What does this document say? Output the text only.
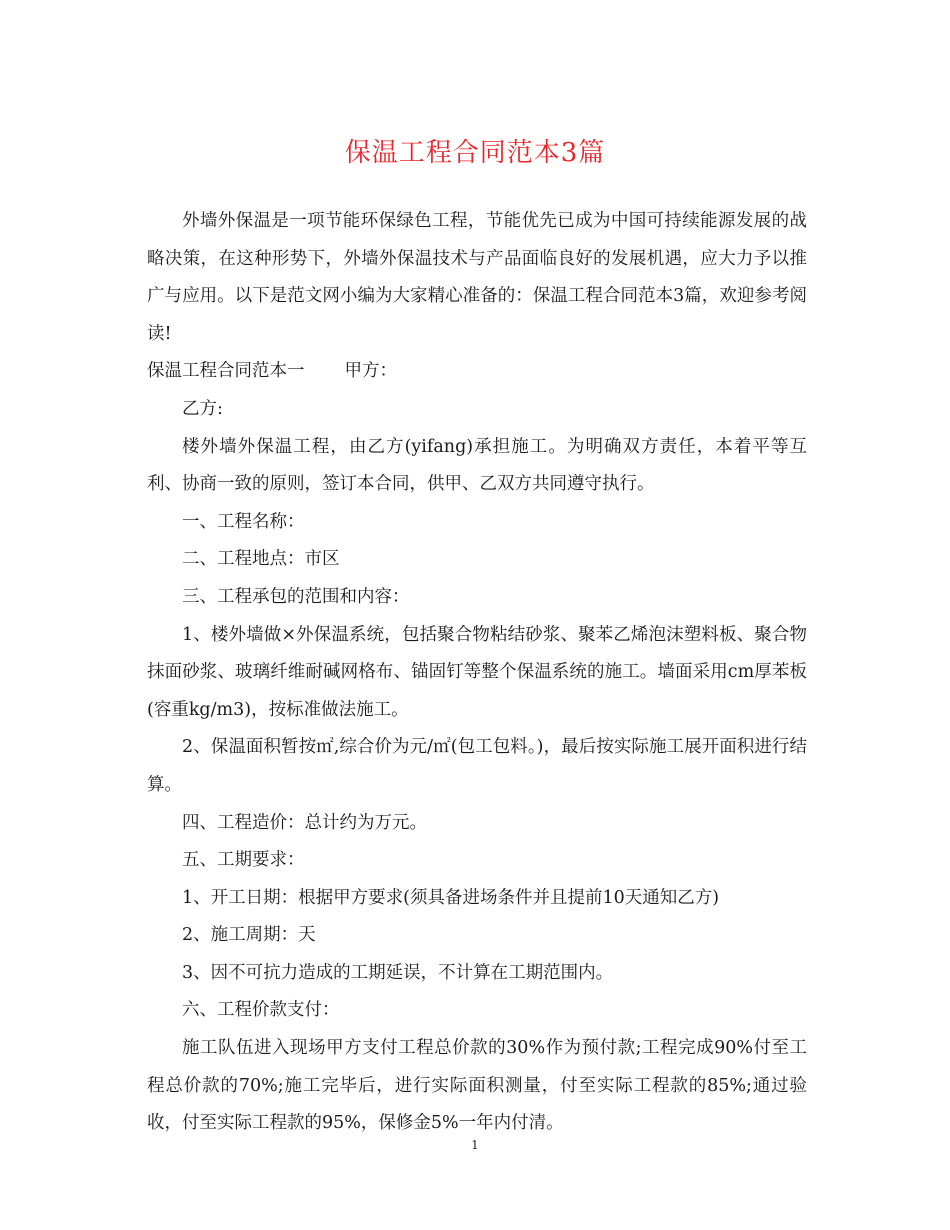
保温工程合同范本3篇

外墙外保温是一项节能环保绿色工程，节能优先已成为中国可持续能源发展的战略决策，在这种形势下，外墙外保温技术与产品面临良好的发展机遇，应大力予以推广与应用。以下是范文网小编为大家精心准备的：保温工程合同范本3篇，欢迎参考阅读!

保温工程合同范本一 甲方：

乙方:

楼外墙外保温工程，由乙方(yifang)承担施工。为明确双方责任，本着平等互利、协商一致的原则，签订本合同，供甲、乙双方共同遵守执行。

一、工程名称：

二、工程地点：市区

三、工程承包的范围和内容：

1、楼外墙做×外保温系统，包括聚合物粘结砂浆、聚苯乙烯泡沫塑料板、聚合物抹面砂浆、玻璃纤维耐碱网格布、锚固钉等整个保温系统的施工。墙面采用cm厚苯板(容重kg/m3)，按标准做法施工。

2、保温面积暂按㎡,综合价为元/㎡(包工包料。)，最后按实际施工展开面积进行结算。

四、工程造价：总计约为万元。

五、工期要求：

1、开工日期：根据甲方要求(须具备进场条件并且提前10天通知乙方)

2、施工周期：天

3、因不可抗力造成的工期延误，不计算在工期范围内。

六、工程价款支付：

施工队伍进入现场甲方支付工程总价款的30%作为预付款;工程完成90%付至工程总价款的70%;施工完毕后，进行实际面积测量，付至实际工程款的85%;通过验收，付至实际工程款的95%，保修金5%一年内付清。

1
